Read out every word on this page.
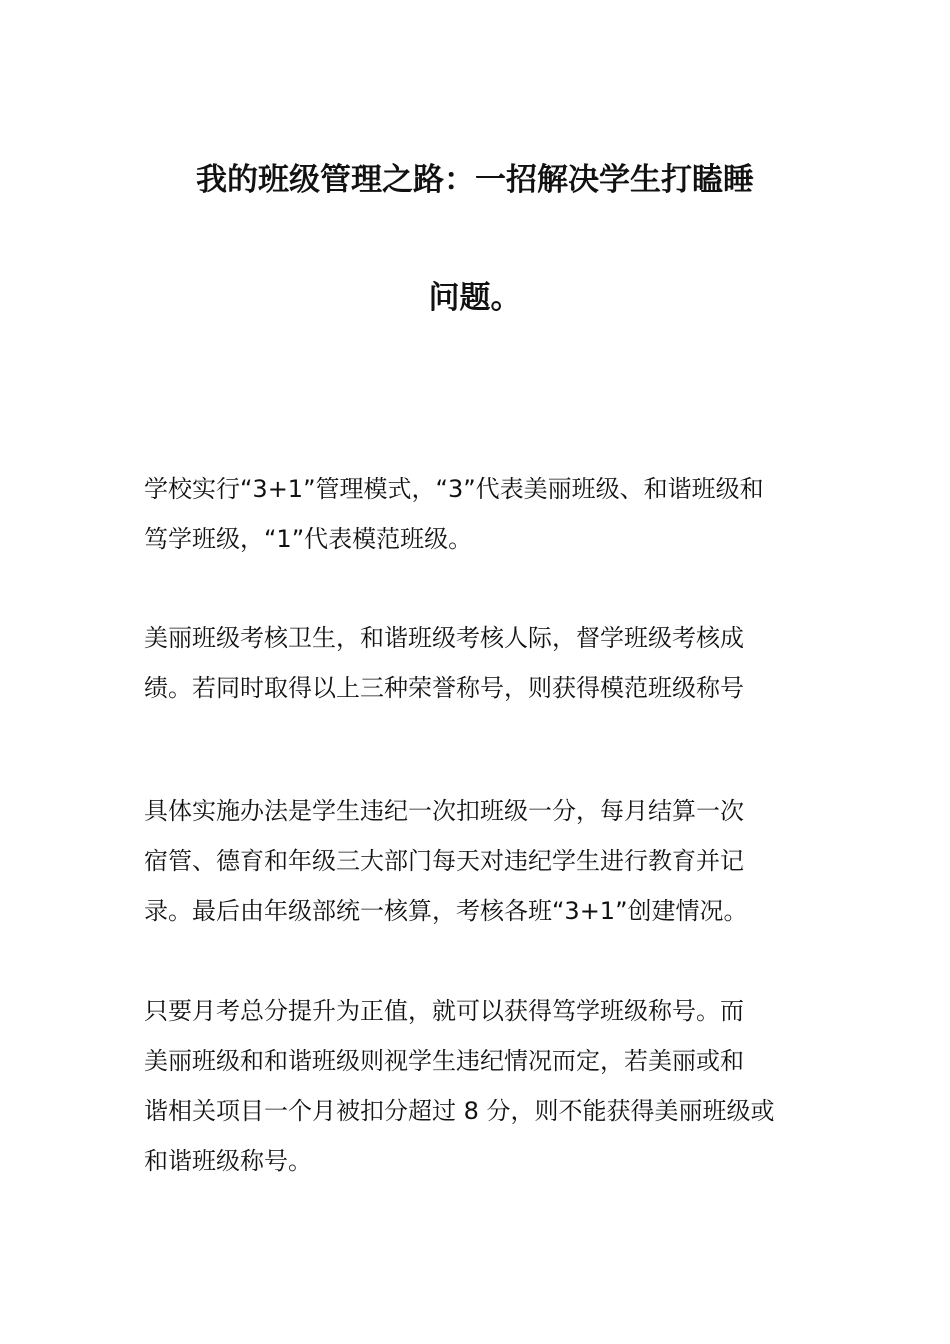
我的班级管理之路：一招解决学生打瞌睡
问题。
学校实行“3+1”管理模式，“3”代表美丽班级、和谐班级和
笃学班级，“1”代表模范班级。
美丽班级考核卫生，和谐班级考核人际，督学班级考核成
绩。若同时取得以上三种荣誉称号，则获得模范班级称号
具体实施办法是学生违纪一次扣班级一分，每月结算一次
宿管、德育和年级三大部门每天对违纪学生进行教育并记
录。最后由年级部统一核算，考核各班“3+1”创建情况。
只要月考总分提升为正值，就可以获得笃学班级称号。而
美丽班级和和谐班级则视学生违纪情况而定，若美丽或和
谐相关项目一个月被扣分超过 8 分，则不能获得美丽班级或
和谐班级称号。
